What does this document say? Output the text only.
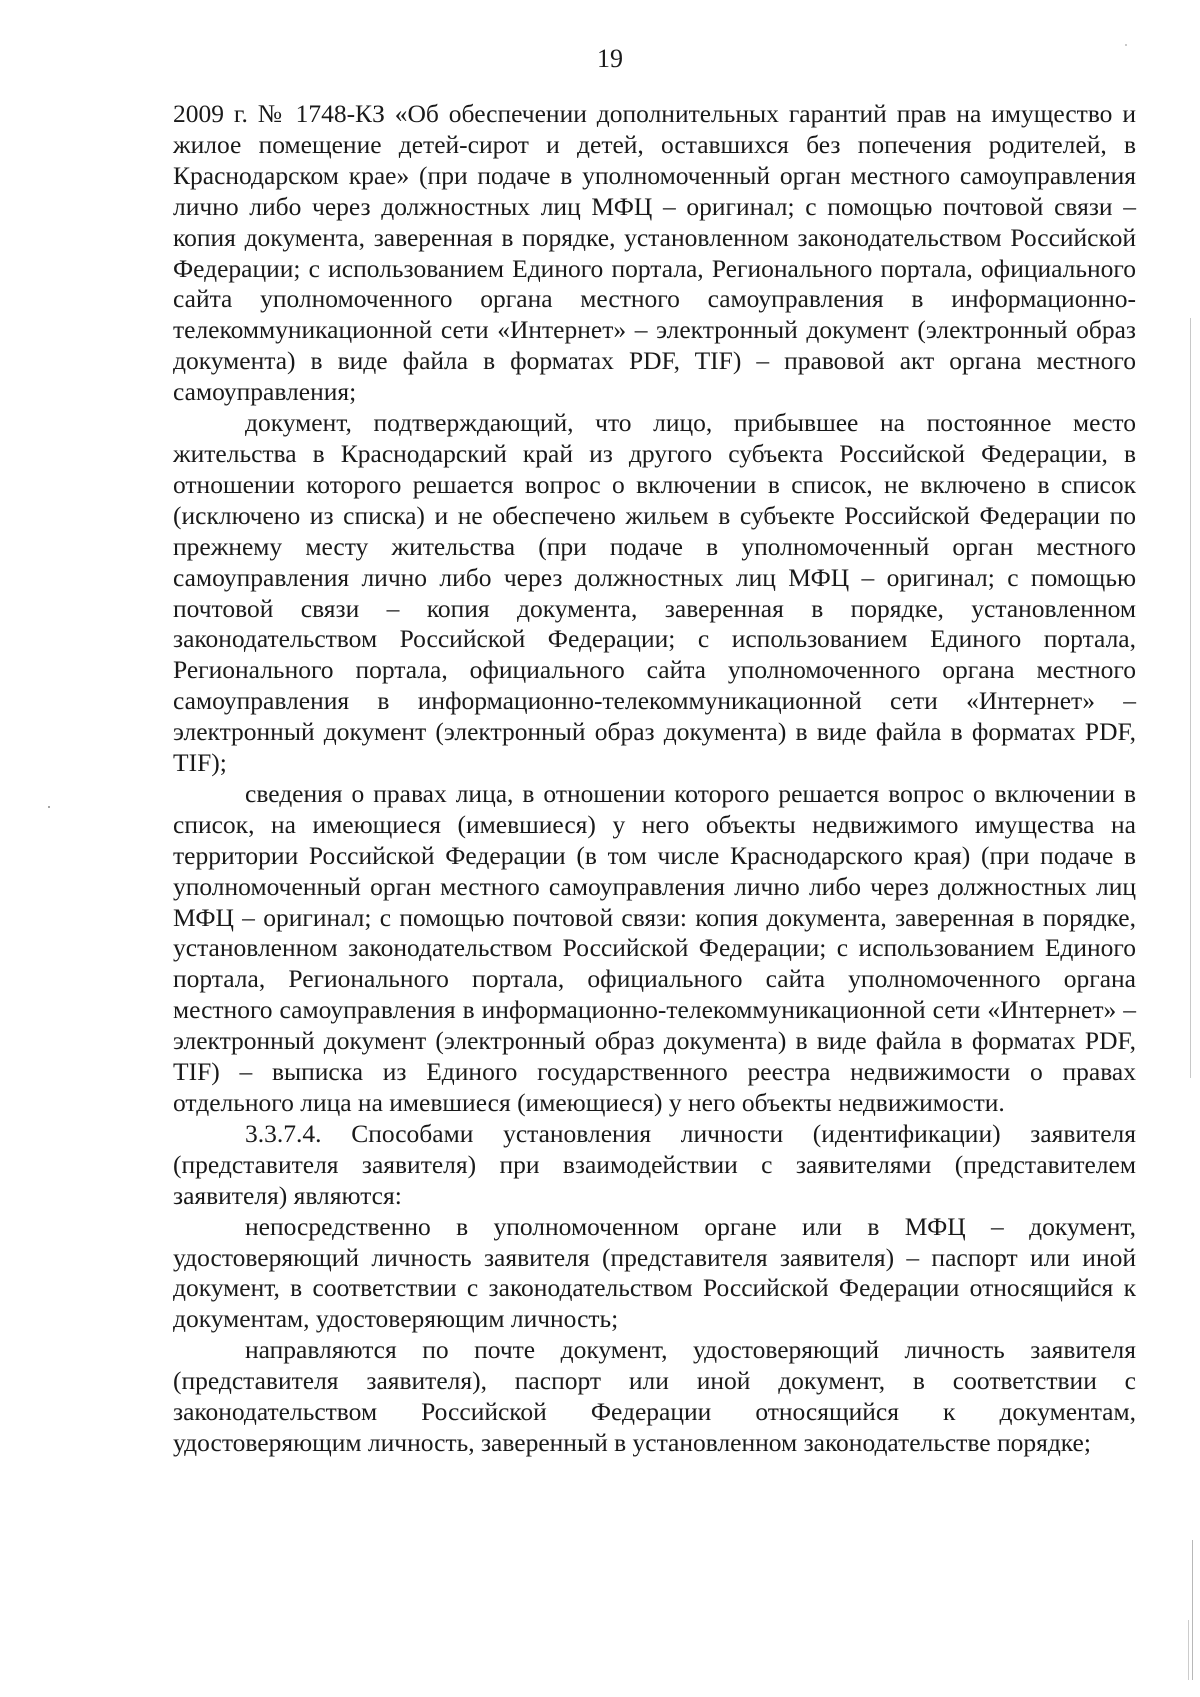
19

2009 г. № 1748-КЗ «Об обеспечении дополнительных гарантий прав на имущество и жилое помещение детей-сирот и детей, оставшихся без попечения родителей, в Краснодарском крае» (при подаче в уполномоченный орган местного самоуправления лично либо через должностных лиц МФЦ – оригинал; с помощью почтовой связи – копия документа, заверенная в порядке, установленном законодательством Российской Федерации; с использованием Единого портала, Регионального портала, официального сайта уполномоченного органа местного самоуправления в информационно-телекоммуникационной сети «Интернет» – электронный документ (электронный образ документа) в виде файла в форматах PDF, TIF) – правовой акт органа местного самоуправления;

документ, подтверждающий, что лицо, прибывшее на постоянное место жительства в Краснодарский край из другого субъекта Российской Федерации, в отношении которого решается вопрос о включении в список, не включено в список (исключено из списка) и не обеспечено жильем в субъекте Российской Федерации по прежнему месту жительства (при подаче в уполномоченный орган местного самоуправления лично либо через должностных лиц МФЦ – оригинал; с помощью почтовой связи – копия документа, заверенная в порядке, установленном законодательством Российской Федерации; с использованием Единого портала, Регионального портала, официального сайта уполномоченного органа местного самоуправления в информационно-телекоммуникационной сети «Интернет» – электронный документ (электронный образ документа) в виде файла в форматах PDF, TIF);

сведения о правах лица, в отношении которого решается вопрос о включении в список, на имеющиеся (имевшиеся) у него объекты недвижимого имущества на территории Российской Федерации (в том числе Краснодарского края) (при подаче в уполномоченный орган местного самоуправления лично либо через должностных лиц МФЦ – оригинал; с помощью почтовой связи: копия документа, заверенная в порядке, установленном законодательством Российской Федерации; с использованием Единого портала, Регионального портала, официального сайта уполномоченного органа местного самоуправления в информационно-телекоммуникационной сети «Интернет» – электронный документ (электронный образ документа) в виде файла в форматах PDF, TIF) – выписка из Единого государственного реестра недвижимости о правах отдельного лица на имевшиеся (имеющиеся) у него объекты недвижимости.

3.3.7.4. Способами установления личности (идентификации) заявителя (представителя заявителя) при взаимодействии с заявителями (представителем заявителя) являются:

непосредственно в уполномоченном органе или в МФЦ – документ, удостоверяющий личность заявителя (представителя заявителя) – паспорт или иной документ, в соответствии с законодательством Российской Федерации относящийся к документам, удостоверяющим личность;

направляются по почте документ, удостоверяющий личность заявителя (представителя заявителя), паспорт или иной документ, в соответствии с законодательством Российской Федерации относящийся к документам, удостоверяющим личность, заверенный в установленном законодательстве порядке;
